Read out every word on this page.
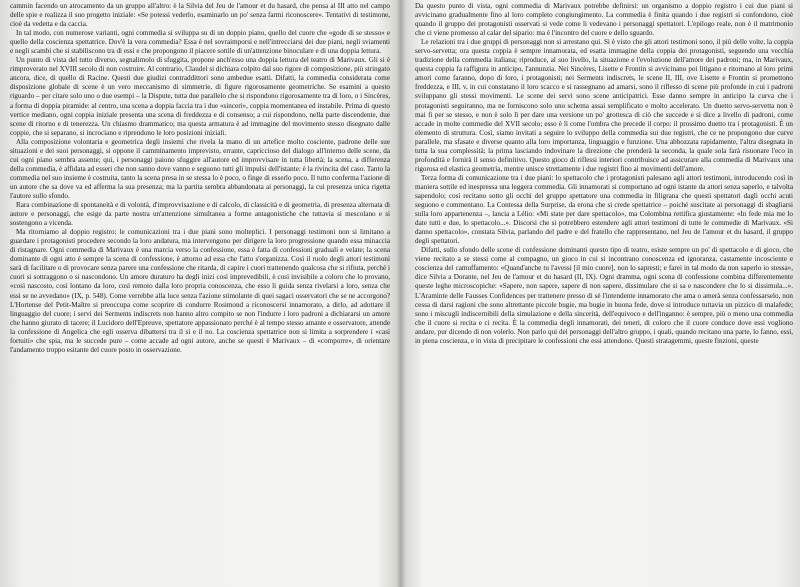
cammin facendo un atrocamento da un gruppo all'altro: è la Silvia del Jeu de l'amour et du hasard, che pensa al III atto nel campo delle spie e realizza il suo progetto iniziale: «Se potessi vederlo, esaminarlo un po' senza farmi riconoscere». Tentativi di testimone, cioè da vedetta e da caccia.

In tal modo, con numerose varianti, ogni commedia si sviluppa su di un doppio piano, quello del cuore che «gode di se stesso» e quello della coscienza spettatrice. Dov'è la vera commedia? Essa è nel sovraimporsi e nell'intrecciarsi dei due piani, negli sviamenti e negli scambi che si stabiliscono tra di essi e che propongono il piacere sottile di un'attenzione binoculare e di una doppia lettura.

Un punto di vista del tutto diverso, segnalimolo di sfuggita, propone anch'esso una doppia lettura del teatro di Marivaux. Gli si è rimproverato nel XVIII secolo di non costruire. Al contrario, Claudel si dichiara colpito dal suo rigore di composizione, più stringato ancora, dice, di quello di Racine. Questi due giudizi contraddittori sono ambedue esatti. Difatti, la commedia considerata come disposizione globale di scene è un vero meccanismo di simmetrie, di figure rigorosamente geometriche. Se esamini a questo riguardo – per citare solo uno o due esempi – la Dispute, tutta due parallelo che si rispondono rigorosamente tra di loro, o i Sincères, a forma di doppia piramide: al centro, una scena a doppia faccia tra i due «sinceri», coppia momentanea ed instabile. Prima di questo vertice mediano, ogni coppia iniziale presenta una scena di freddezza e di consenso; a cui rispondono, nella parte discendente, due scene di ritorno e di tenerezza. Un chiasmo drammatico; ma questa armatura è ad immagine del movimento stesso disegnato dalle coppie, che si separano, si incrociano e riprendono le loro posizioni iniziali.

Alla composizione volontaria e geometrica degli insiemi che rivela la mano di un artefice molto cosciente, padrone delle sue situazioni e dei suoi personaggi, si oppone il camminamento imprevisto, errante, capriccioso del dialogo all'interno delle scene, da cui ogni piano sembra assente; qui, i personaggi paiono sfuggire all'autore ed improvvisare in tutta libertà; la scena, a differenza della commedia, è affidata ad esseri che non sanno dove vanno e seguono tutti gli impulsi dell'istante: è la rivincita del caso. Tanto la commedia nel suo insieme è costruita, tanto la scena presa in se stessa lo è poco, o finge di esserlo poco. Il tutto conferma l'azione di un autore che sa dove va ed afferma la sua presenza; ma la partita sembra abbandonata ai personaggi, la cui presenza unica rigetta l'autore sullo sfondo.

Rara combinazione di spontaneità e di volontà, d'improvvisazione e di calcolo, di classicità e di geometria, di presenza alternata di autore e personaggi, che esige da parte nostra un'attenzione simultanea a forme antagonistiche che tuttavia si mescolano e si sostengono a vicenda.

Ma ritorniamo al doppio registro: le comunicazioni tra i due piani sono molteplici. I personaggi testimoni non si limitano a guardare i protagonisti procedere secondo la loro andatura, ma intervengono per dirigere la loro progressione quando essa minaccia di ristagnare. Ogni commedia di Marivaux è una marcia verso la confessione, essa è fatta di confessioni graduali e velate; la scena dominante di ogni atto è sempre la scena di confessione, è attorno ad essa che l'atto s'organizza. Così il ruolo degli attori testimoni sarà di facilitare o di provocare senza parere una confessione che ritarda, di capire i cuori trattenendo qualcosa che si rifiuta, perché i cuori si sottraggono o si nascondono. Un amore duraturo ha degli inizi così imprevedibili, è così invisibile a colorо che lo provano, «così nascosto, così lontano da loro, così remoto dalla loro propria conoscenza, che esso li guida senza rivelarsi a loro, senza che essi se ne avvedano» (IX, p. 548). Come verrebbe alla luce senza l'azione stimolante di quei sagaci osservatori che se ne accorgono? L'Hortense del Petit-Maître si preoccupa come scoprire di condurre Rosimond a riconoscersi innamorato, a dirlo, ad adottare il linguaggio del cuore; i servi dei Serments indiscrets non hanno altro compito se non l'indurre i loro padroni a dichiararsi un amore che hanno giurato di tacere; il Lucidoro dell'Epreuve, spettatore appassionato perché è al tempo stesso amante e osservatore, attende la confessione di Angelica che egli osserva dibattersi tra il sì e il no. La coscienza spettatrice non si limita a sorprendere i «casi fortuiti» che spia, ma le succede pure – come accade ad ogni autore, anche se questi è Marivaux – di «comporre», di orientare l'andamento troppo esitante del cuore posto in osservazione.

Da questo punto di vista, ogni commedia di Marivaux potrebbe definirsi: un organismo a doppio registro i cui due piani si avvicinano gradualmente fino al loro completo congiungimento. La commedia è finita quando i due registri si confondono, cioè quando il gruppo dei protagonisti osservati si vede come li vedevano i personaggi spettatori. L'epilogo reale, non è il matrimonio che ci viene promesso al calar del sipario: ma è l'incontro del cuore e dello sguardo.

Le relazioni tra i due gruppi di personaggi non si arrestano qui. Si è visto che gli attori testimoni sono, il più delle volte, la coppia servo-servetta; ora questa coppia è sempre innamorata, ed esatta immagine della coppia dei protagonisti, seguendo una vecchia tradizione della commedia italiana; riproduce, al suo livello, la situazione e l'evoluzione dell'amore dei padroni; ma, in Marivaux, questa coppia fa raffigura in anticipo, l'annunzia. Nei Sincères, Lisette e Frontin si avvicinano poi litigano e ritornano al loro primi amori come faranno, dopo di loro, i protagonisti; nei Serments indiscrets, le scene II, III, ove Lisette e Frontin si promettono freddezza, e III, v, in cui constatano il loro scacco e si rassegnano ad amarsi, sono il riflesso di scene più profonde in cui i padroni sviluppano gli stessi movimenti. Le scene dei servi sono scene anticipatrici. Esse danno sempre in anticipo la curva che i protagonisti seguiranno, ma ne forniscono solo uno schema assai semplificato e molto accelerato. Un duetto servo-servetta non è mai fi per se stesso, e non è solo lì per dare una versione un po' grottesca di ciò che succede e si dice a livello di padroni, come accade in molte commedie del XVII secolo; esso è lì come l'ombra che precede il corpo: il prossimo duetto tra i protagonisti. È un elemento di struttura. Così, siamo invitati a seguire lo sviluppo della commedia sui due registri, che ce ne propongono due curve parallele, ma sfasate e diverse quanto alla loro importanza, linguaggio e funzione. Una abbozzata rapidamente, l'altra disegnata in tutta la sua complessità; la prima lasciando indovinare la direzione che prenderà la seconda, la quale sola farà risuonare l'eco in profondità e fornirà il senso definitivo. Questo gioco di riflessi interiori contribuisce ad assicurare alla commedia di Marivaux una rigorosa ed elastica geometria, mentre unisce strettamente i due registri fino ai movimenti dell'amore.

Terza forma di comunicazione tra i due piani: lo spettacolo che i protagonisti palesano agli attori testimoni, introducendo così in maniera sottile ed inespressa una leggera commedia. Gli innamorati si comportano ad ogni istante da attori senza saperlo, e talvolta sapendolo; così recitano sotto gli occhi del gruppo spettatore una commedia in filigrana che questi spettatori dagli occhi acuti seguono e commentano. La Contessa della Surprise, da erona che si crede spettatrice – poiché suscitate ai personaggi di sbagliarsi sulla loro appartenenza –, lancia a Lélio: «Mi state per dare spettacolo», ma Colombina rettifica giustamente: «In fede mia me lo date tutti e due, lo spettacolo...». Discorsi che si potrebbero estendere agli attori testimoni di tutte le commedie di Marivaux. «Si danno spettacolo», constata Silvia, parlando del padre e del fratello che rappresentano, nel Jeu de l'amour et du hasard, il gruppo degli spettatori.

Difatti, sullo sfondo delle scene di confessione dominanti questo tipo di teatro, esiste sempre un po' di spettacolo e di gioco, che viene recitato a se stessi come al compagno, un gioco in cui si incontrano conoscenza ed ignoranza, castamente incosciente e coscienza del camuffamento: «Quand'anche tu l'avessi [il mio cuore], non lo sapresti; e farei in tal modo da non saperlo io stessa», dice Silvia a Dorante, nel Jeu de l'amour et du hasard (II, IX). Ogni dramma, ogni scena di confessione combina differentemente queste leghe microscopiche: «Sapere, non sapere, sapere di non sapere, dissimulare che si sa e nascondere che lo si dissimula...». L'Araminte delle Fausses Confidences per trattenere presso di sé l'intendente innamorato che ama o amerà senza confessarselo, non cessa di darsi ragioni che sono altrettante piccole bugie, ma bugie in buona fede, dove si introduce tuttavia un pizzico di malafede; sono i miscugli indiscernibili della simulazione e della sincerità, dell'equivoco e dell'inganno: è sempre, più o meno una commedia che il cuore si recita e ci recita. È la commedia degli innamorati, dei teneri, di coloro che il cuore conduce dove essi vogliono andare, pur dicendo di non volerlo. Non parlo qui dei personaggi dell'altro gruppo, i quali, quando recitano una parte, lo fanno, essi, in piena coscienza, e in vista di precipitare le confessioni che essi attendono. Questi stratagemmi, queste finzioni, queste
